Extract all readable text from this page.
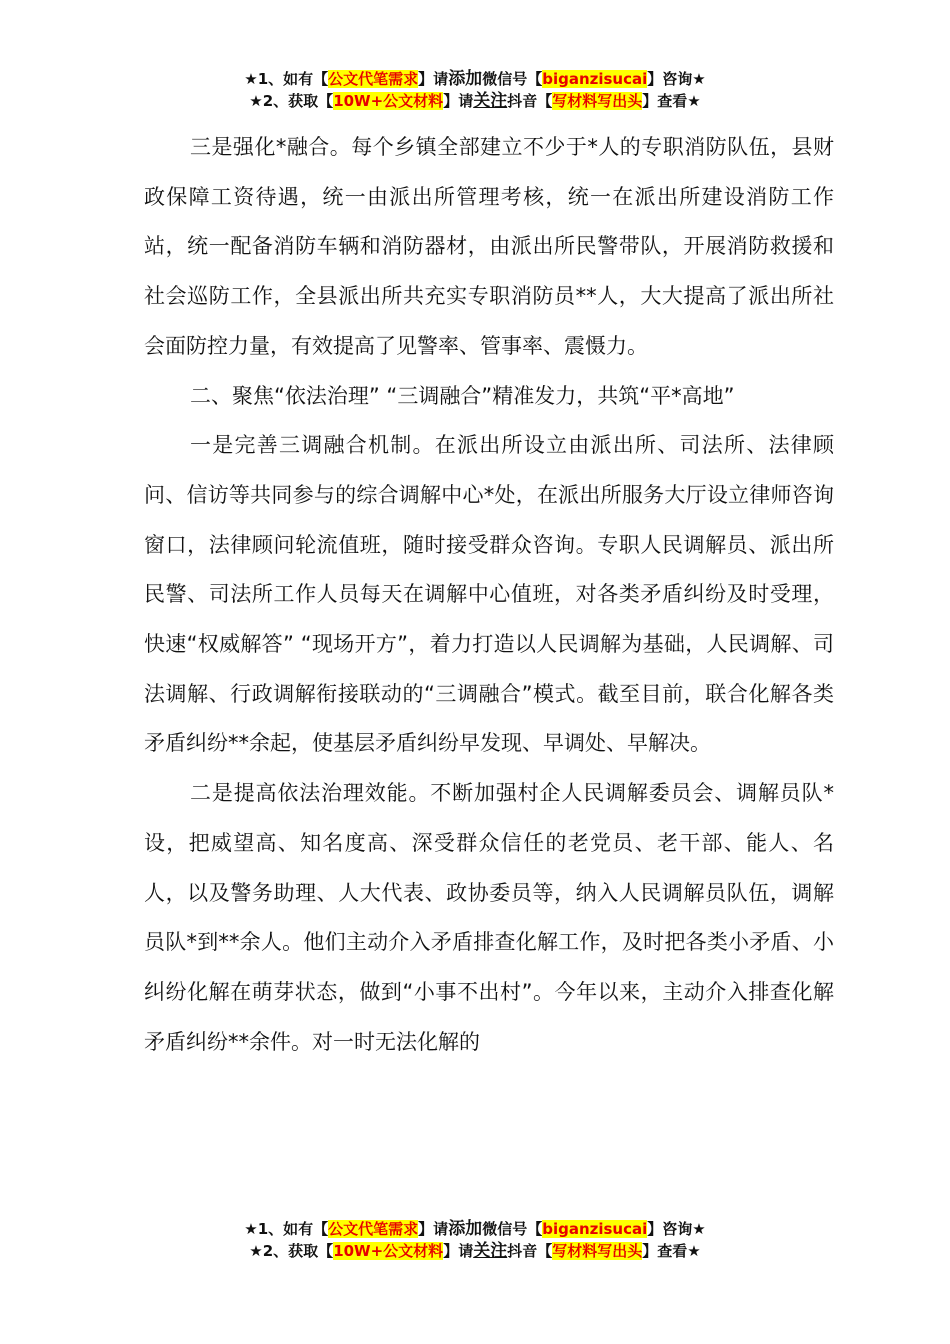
★1、如有【公文代笔需求】请添加微信号【biganzisucai】咨询★
★2、获取【10W+公文材料】请关注抖音【写材料写出头】查看★

三是强化*融合。每个乡镇全部建立不少于*人的专职消防队伍，县财政保障工资待遇，统一由派出所管理考核，统一在派出所建设消防工作站，统一配备消防车辆和消防器材，由派出所民警带队，开展消防救援和社会巡防工作，全县派出所共充实专职消防员**人，大大提高了派出所社会面防控力量，有效提高了见警率、管事率、震慑力。

二、聚焦“依法治理” “三调融合”精准发力，共筑“平*高地”

一是完善三调融合机制。在派出所设立由派出所、司法所、法律顾问、信访等共同参与的综合调解中心*处，在派出所服务大厅设立律师咨询窗口，法律顾问轮流值班，随时接受群众咨询。专职人民调解员、派出所民警、司法所工作人员每天在调解中心值班，对各类矛盾纠纷及时受理，快速“权威解答” “现场开方”，着力打造以人民调解为基础，人民调解、司法调解、行政调解衔接联动的“三调融合”模式。截至目前，联合化解各类矛盾纠纷**余起，使基层矛盾纠纷早发现、早调处、早解决。

二是提高依法治理效能。不断加强村企人民调解委员会、调解员队*设，把威望高、知名度高、深受群众信任的老党员、老干部、能人、名人，以及警务助理、人大代表、政协委员等，纳入人民调解员队伍，调解员队*到**余人。他们主动介入矛盾排查化解工作，及时把各类小矛盾、小纠纷化解在萌芽状态，做到“小事不出村”。今年以来，主动介入排查化解矛盾纠纷**余件。对一时无法化解的

★1、如有【公文代笔需求】请添加微信号【biganzisucai】咨询★
★2、获取【10W+公文材料】请关注抖音【写材料写出头】查看★
